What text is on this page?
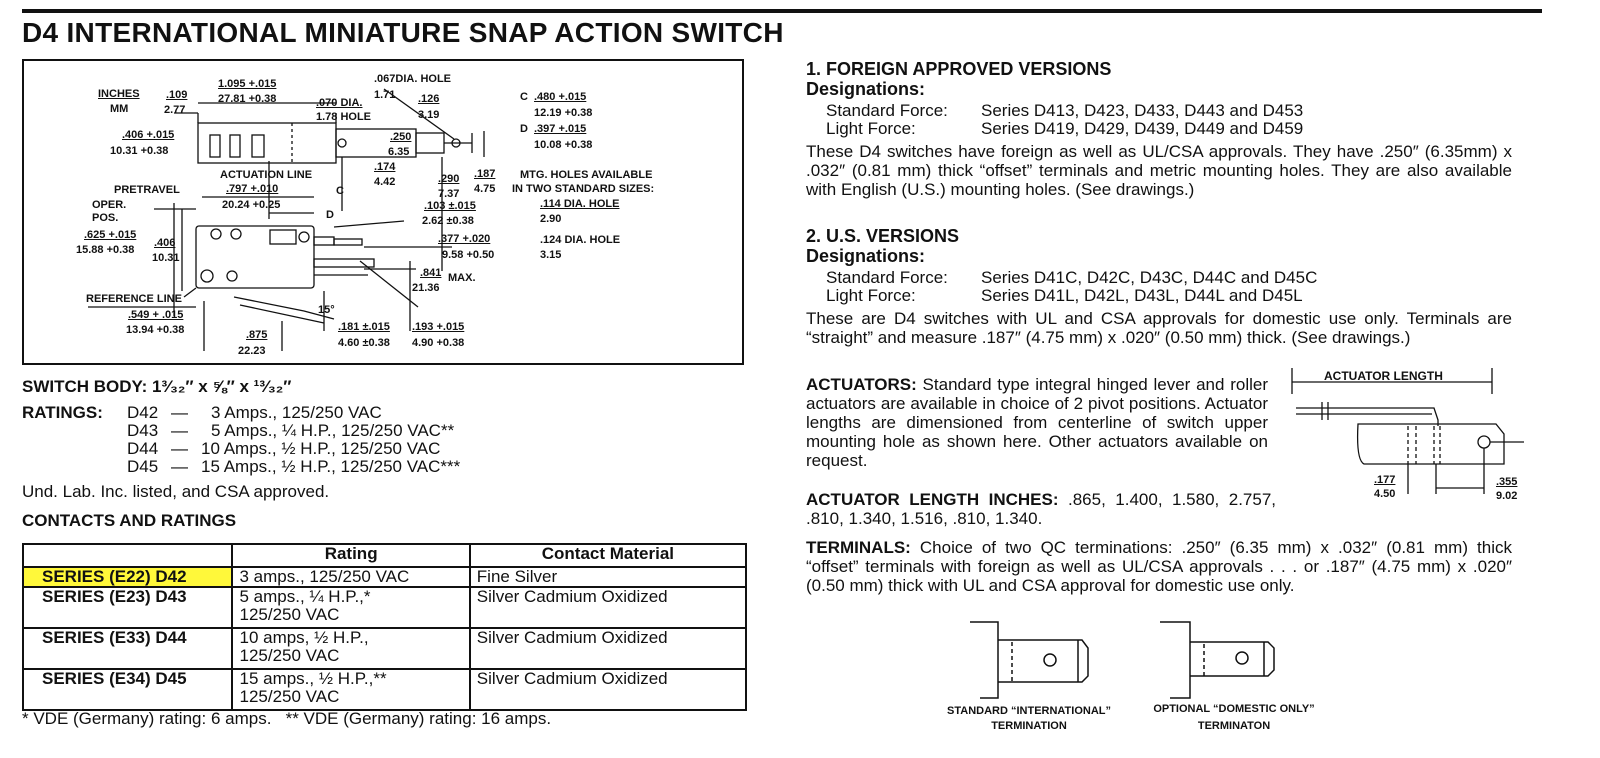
D4 INTERNATIONAL MINIATURE SNAP ACTION SWITCH
INCHES
MM
.109
2.77
1.095 +.015
27.81 +0.38
.067DIA. HOLE
1.71
.070 DIA.
1.78 HOLE
.126
3.19
.406 +.015
10.31 +0.38
.250
6.35
.174
4.42	.290
7.37
.187
4.75
C .480 +.015
12.19 +0.38
D .397 +.015
10.08 +0.38
MTG. HOLES AVAILABLE
IN TWO STANDARD SIZES:
ACTUATION LINE
PRETRAVEL	.797 +.010
20.24 +0.25
C
D
OPER.
POS.
.103 ±.015
2.62 ±0.38
.114 DIA. HOLE
2.90
.625 +.015
15.88 +0.38
.406
10.31
.377 +.020
9.58 +0.50
.124 DIA. HOLE
3.15
.841 MAX.
21.36
REFERENCE LINE
15°
.549 + .015
13.94 +0.38	.875
22.23
.181 ±.015
4.60 ±0.38
.193 +.015
4.90 +0.38
SWITCH BODY: 1³⁄₃₂″ x ⅝″ x ¹³⁄₃₂″
RATINGS: D42 — 3 Amps., 125/250 VAC
D43 — 5 Amps., ¼ H.P., 125/250 VAC**
D44 — 10 Amps., ½ H.P., 125/250 VAC
D45 — 15 Amps., ½ H.P., 125/250 VAC***
Und. Lab. Inc. listed, and CSA approved.
CONTACTS AND RATINGS
	Rating	Contact Material
SERIES (E22) D42	3 amps., 125/250 VAC	Fine Silver
SERIES (E23) D43	5 amps., ¼ H.P.,*
125/250 VAC	Silver Cadmium Oxidized
SERIES (E33) D44	10 amps, ½ H.P.,
125/250 VAC	Silver Cadmium Oxidized
SERIES (E34) D45	15 amps., ½ H.P.,**
125/250 VAC	Silver Cadmium Oxidized
* VDE (Germany) rating: 6 amps.   ** VDE (Germany) rating: 16 amps.
1. FOREIGN APPROVED VERSIONS
Designations:
Standard Force: Series D413, D423, D433, D443 and D453
Light Force:	Series D419, D429, D439, D449 and D459
These D4 switches have foreign as well as UL/CSA approvals. They have .250″ (6.35mm) x .032″ (0.81 mm) thick “offset” terminals and metric mounting holes. They are also available with English (U.S.) mounting holes. (See drawings.)
2. U.S. VERSIONS
Designations:
Standard Force: Series D41C, D42C, D43C, D44C and D45C
Light Force:	Series D41L, D42L, D43L, D44L and D45L
These are D4 switches with UL and CSA approvals for domestic use only. Terminals are “straight” and measure .187″ (4.75 mm) x .020″ (0.50 mm) thick. (See drawings.)
ACTUATORS: Standard type integral hinged lever and roller actuators are available in choice of 2 pivot positions. Actuator lengths are dimensioned from centerline of switch upper mounting hole as shown here. Other actuators available on request.
ACTUATOR LENGTH
.177
4.50
.355
9.02
ACTUATOR LENGTH INCHES: .865, 1.400, 1.580, 2.757, .810, 1.340, 1.516, .810, 1.340.
TERMINALS: Choice of two QC terminations: .250″ (6.35 mm) x .032″ (0.81 mm) thick “offset” terminals with foreign as well as UL/CSA approvals . . . or .187″ (4.75 mm) x .020″ (0.50 mm) thick with UL and CSA approval for domestic use only.
STANDARD “INTERNATIONAL”
TERMINATION
OPTIONAL “DOMESTIC ONLY”
TERMINATON
